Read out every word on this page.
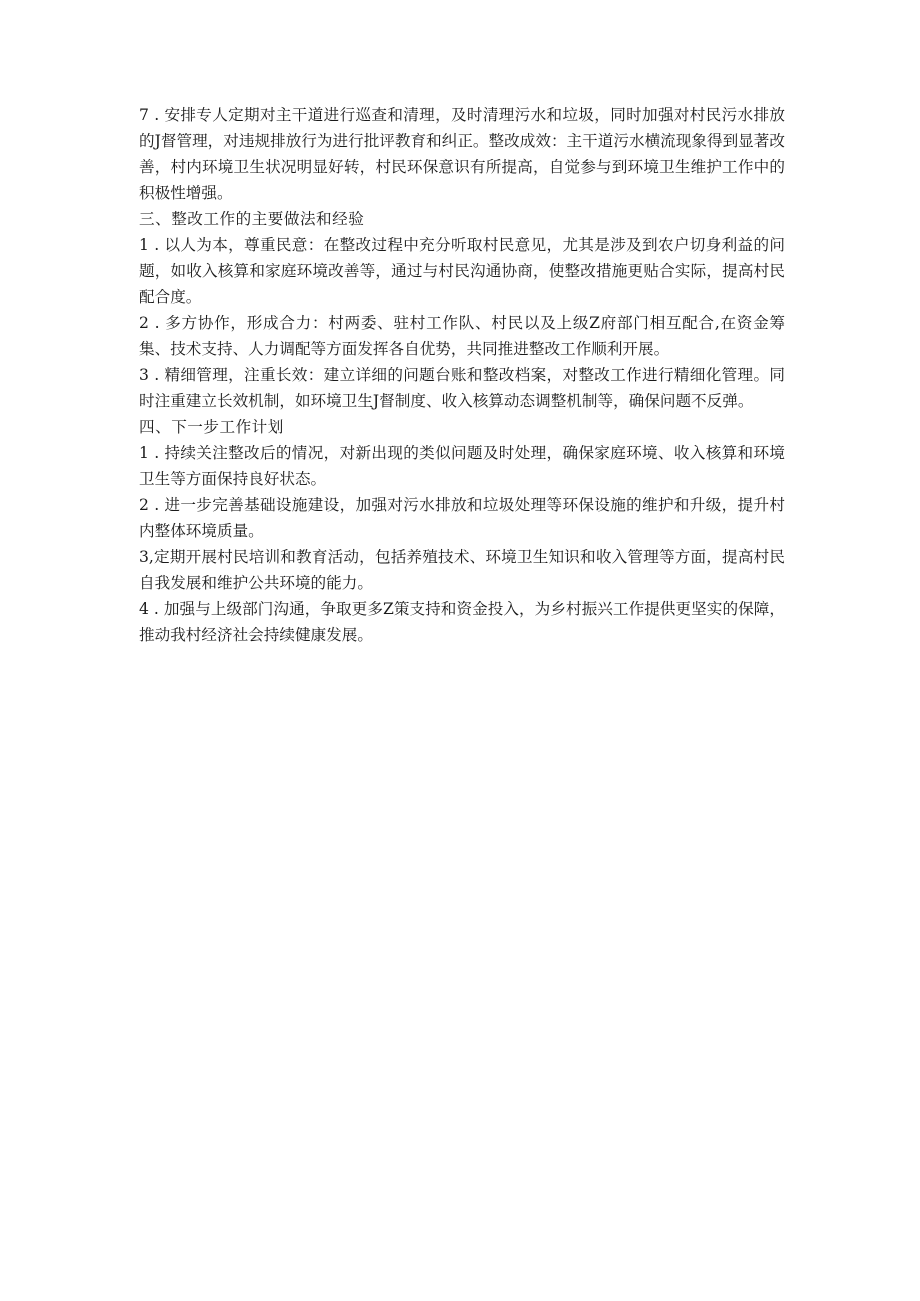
7 . 安排专人定期对主干道进行巡查和清理，及时清理污水和垃圾，同时加强对村民污水排放的J督管理，对违规排放行为进行批评教育和纠正。整改成效：主干道污水横流现象得到显著改善，村内环境卫生状况明显好转，村民环保意识有所提高，自觉参与到环境卫生维护工作中的积极性增强。

三、整改工作的主要做法和经验

1 . 以人为本，尊重民意：在整改过程中充分听取村民意见，尤其是涉及到农户切身利益的问题，如收入核算和家庭环境改善等，通过与村民沟通协商，使整改措施更贴合实际，提高村民配合度。

2 . 多方协作，形成合力：村两委、驻村工作队、村民以及上级Z府部门相互配合,在资金筹集、技术支持、人力调配等方面发挥各自优势，共同推进整改工作顺利开展。

3 . 精细管理，注重长效：建立详细的问题台账和整改档案，对整改工作进行精细化管理。同时注重建立长效机制，如环境卫生J督制度、收入核算动态调整机制等，确保问题不反弹。

四、下一步工作计划

1 . 持续关注整改后的情况，对新出现的类似问题及时处理，确保家庭环境、收入核算和环境卫生等方面保持良好状态。

2 . 进一步完善基础设施建设，加强对污水排放和垃圾处理等环保设施的维护和升级，提升村内整体环境质量。

3,定期开展村民培训和教育活动，包括养殖技术、环境卫生知识和收入管理等方面，提高村民自我发展和维护公共环境的能力。

4 . 加强与上级部门沟通，争取更多Z策支持和资金投入，为乡村振兴工作提供更坚实的保障，推动我村经济社会持续健康发展。
